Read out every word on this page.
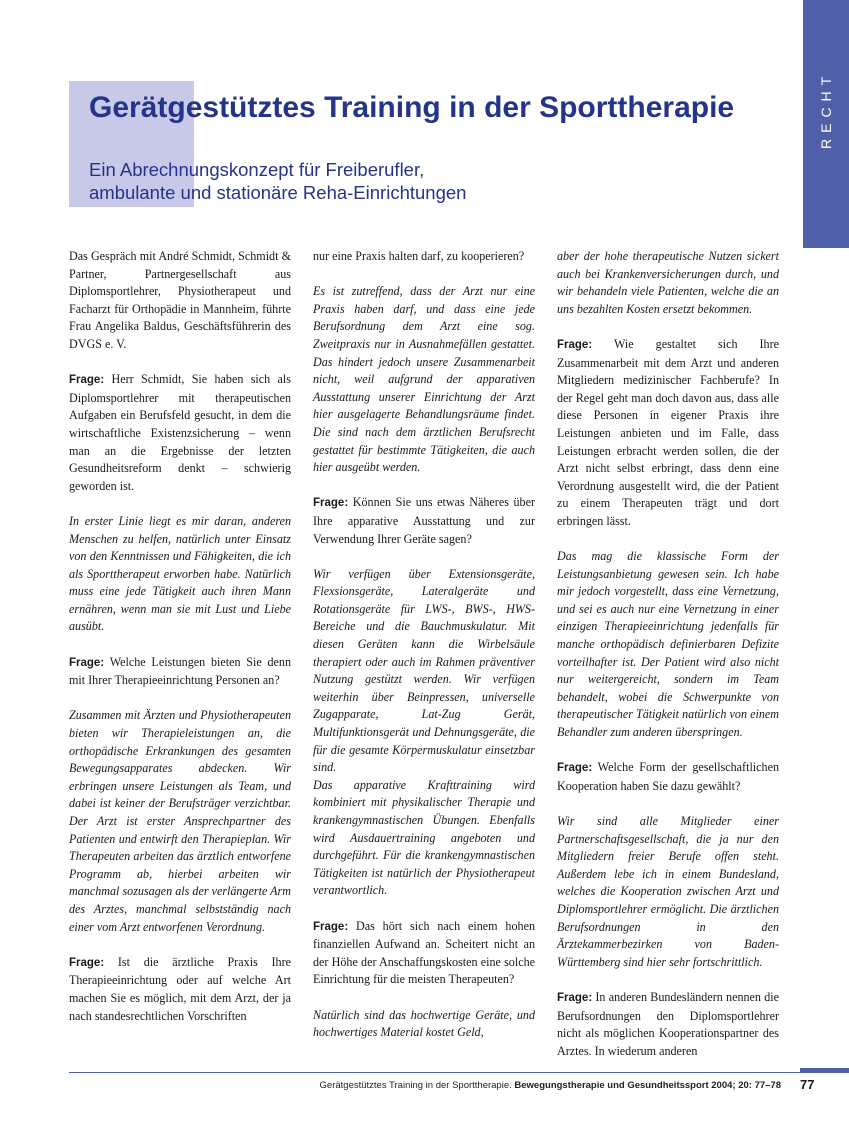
RECHT
Gerätgestütztes Training in der Sporttherapie
Ein Abrechnungskonzept für Freiberufler,
ambulante und stationäre Reha-Einrichtungen

Das Gespräch mit André Schmidt, Schmidt & Partner, Partnergesellschaft aus Diplomsportlehrer, Physiotherapeut und Facharzt für Orthopädie in Mannheim, führte Frau Angelika Baldus, Geschäftsführerin des DVGS e. V.

Frage: Herr Schmidt, Sie haben sich als Diplomsportlehrer mit therapeutischen Aufgaben ein Berufsfeld gesucht, in dem die wirtschaftliche Existenzsicherung – wenn man an die Ergebnisse der letzten Gesundheitsreform denkt – schwierig geworden ist.

In erster Linie liegt es mir daran, anderen Menschen zu helfen, natürlich unter Einsatz von den Kenntnissen und Fähigkeiten, die ich als Sporttherapeut erworben habe. Natürlich muss eine jede Tätigkeit auch ihren Mann ernähren, wenn man sie mit Lust und Liebe ausübt.

Frage: Welche Leistungen bieten Sie denn mit Ihrer Therapieeinrichtung Personen an?

Zusammen mit Ärzten und Physiotherapeuten bieten wir Therapieleistungen an, die orthopädische Erkrankungen des gesamten Bewegungsapparates abdecken. Wir erbringen unsere Leistungen als Team, und dabei ist keiner der Berufsträger verzichtbar. Der Arzt ist erster Ansprechpartner des Patienten und entwirft den Therapieplan. Wir Therapeuten arbeiten das ärztlich entworfene Programm ab, hierbei arbeiten wir manchmal sozusagen als der verlängerte Arm des Arztes, manchmal selbstständig nach einer vom Arzt entworfenen Verordnung.

Frage: Ist die ärztliche Praxis Ihre Therapieeinrichtung oder auf welche Art machen Sie es möglich, mit dem Arzt, der ja nach standesrechtlichen Vorschriften

nur eine Praxis halten darf, zu kooperieren?

Es ist zutreffend, dass der Arzt nur eine Praxis haben darf, und dass eine jede Berufsordnung dem Arzt eine sog. Zweitpraxis nur in Ausnahmefällen gestattet. Das hindert jedoch unsere Zusammenarbeit nicht, weil aufgrund der apparativen Ausstattung unserer Einrichtung der Arzt hier ausgelagerte Behandlungsräume findet. Die sind nach dem ärztlichen Berufsrecht gestattet für bestimmte Tätigkeiten, die auch hier ausgeübt werden.

Frage: Können Sie uns etwas Näheres über Ihre apparative Ausstattung und zur Verwendung Ihrer Geräte sagen?

Wir verfügen über Extensionsgeräte, Flexsionsgeräte, Lateralgeräte und Rotationsgeräte für LWS-, BWS-, HWS-Bereiche und die Bauchmuskulatur. Mit diesen Geräten kann die Wirbelsäule therapiert oder auch im Rahmen präventiver Nutzung gestützt werden. Wir verfügen weiterhin über Beinpressen, universelle Zugapparate, Lat-Zug Gerät, Multifunktionsgerät und Dehnungsgeräte, die für die gesamte Körpermuskulatur einsetzbar sind.

Das apparative Krafttraining wird kombiniert mit physikalischer Therapie und krankengymnastischen Übungen. Ebenfalls wird Ausdauertraining angeboten und durchgeführt. Für die krankengymnastischen Tätigkeiten ist natürlich der Physiotherapeut verantwortlich.

Frage: Das hört sich nach einem hohen finanziellen Aufwand an. Scheitert nicht an der Höhe der Anschaffungskosten eine solche Einrichtung für die meisten Therapeuten?

Natürlich sind das hochwertige Geräte, und hochwertiges Material kostet Geld,

aber der hohe therapeutische Nutzen sickert auch bei Krankenversicherungen durch, und wir behandeln viele Patienten, welche die an uns bezahlten Kosten ersetzt bekommen.

Frage: Wie gestaltet sich Ihre Zusammenarbeit mit dem Arzt und anderen Mitgliedern medizinischer Fachberufe? In der Regel geht man doch davon aus, dass alle diese Personen in eigener Praxis ihre Leistungen anbieten und im Falle, dass Leistungen erbracht werden sollen, die der Arzt nicht selbst erbringt, dass denn eine Verordnung ausgestellt wird, die der Patient zu einem Therapeuten trägt und dort erbringen lässt.

Das mag die klassische Form der Leistungsanbietung gewesen sein. Ich habe mir jedoch vorgestellt, dass eine Vernetzung, und sei es auch nur eine Vernetzung in einer einzigen Therapieeinrichtung jedenfalls für manche orthopädisch definierbaren Defizite vorteilhafter ist. Der Patient wird also nicht nur weitergereicht, sondern im Team behandelt, wobei die Schwerpunkte von therapeutischer Tätigkeit natürlich von einem Behandler zum anderen überspringen.

Frage: Welche Form der gesellschaftlichen Kooperation haben Sie dazu gewählt?

Wir sind alle Mitglieder einer Partnerschaftsgesellschaft, die ja nur den Mitgliedern freier Berufe offen steht. Außerdem lebe ich in einem Bundesland, welches die Kooperation zwischen Arzt und Diplomsportlehrer ermöglicht. Die ärztlichen Berufsordnungen in den Ärztekammerbezirken von Baden-Württemberg sind hier sehr fortschrittlich.

Frage: In anderen Bundesländern nennen die Berufsordnungen den Diplomsportlehrer nicht als möglichen Kooperationspartner des Arztes. In wiederum anderen

Gerätgestütztes Training in der Sporttherapie. Bewegungstherapie und Gesundheitssport 2004; 20: 77–78 77
